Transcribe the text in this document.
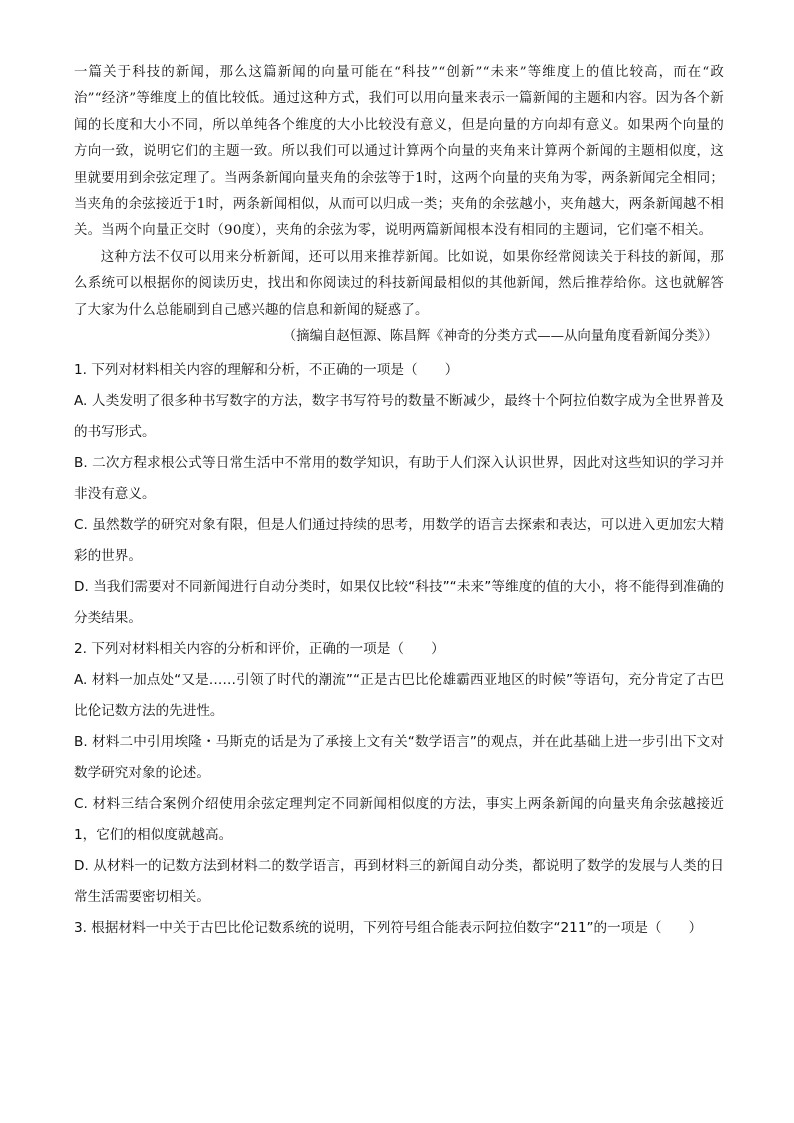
一篇关于科技的新闻，那么这篇新闻的向量可能在“科技”“创新”“未来”等维度上的值比较高，而在“政治”“经济”等维度上的值比较低。通过这种方式，我们可以用向量来表示一篇新闻的主题和内容。因为各个新闻的长度和大小不同，所以单纯各个维度的大小比较没有意义，但是向量的方向却有意义。如果两个向量的方向一致，说明它们的主题一致。所以我们可以通过计算两个向量的夹角来计算两个新闻的主题相似度，这里就要用到余弦定理了。当两条新闻向量夹角的余弦等于1时，这两个向量的夹角为零，两条新闻完全相同；当夹角的余弦接近于1时，两条新闻相似，从而可以归成一类；夹角的余弦越小，夹角越大，两条新闻越不相关。当两个向量正交时（90度），夹角的余弦为零，说明两篇新闻根本没有相同的主题词，它们毫不相关。

这种方法不仅可以用来分析新闻，还可以用来推荐新闻。比如说，如果你经常阅读关于科技的新闻，那么系统可以根据你的阅读历史，找出和你阅读过的科技新闻最相似的其他新闻，然后推荐给你。这也就解答了大家为什么总能刷到自己感兴趣的信息和新闻的疑惑了。

（摘编自赵恒源、陈昌辉《神奇的分类方式——从向量角度看新闻分类》）

1. 下列对材料相关内容的理解和分析，不正确的一项是（　　）

A. 人类发明了很多种书写数字的方法，数字书写符号的数量不断减少，最终十个阿拉伯数字成为全世界普及的书写形式。

B. 二次方程求根公式等日常生活中不常用的数学知识，有助于人们深入认识世界，因此对这些知识的学习并非没有意义。

C. 虽然数学的研究对象有限，但是人们通过持续的思考，用数学的语言去探索和表达，可以进入更加宏大精彩的世界。

D. 当我们需要对不同新闻进行自动分类时，如果仅比较“科技”“未来”等维度的值的大小，将不能得到准确的分类结果。

2. 下列对材料相关内容的分析和评价，正确的一项是（　　）

A. 材料一加点处“又是……引领了时代的潮流”“正是古巴比伦雄霸西亚地区的时候”等语句，充分肯定了古巴比伦记数方法的先进性。

B. 材料二中引用埃隆・马斯克的话是为了承接上文有关“数学语言”的观点，并在此基础上进一步引出下文对数学研究对象的论述。

C. 材料三结合案例介绍使用余弦定理判定不同新闻相似度的方法，事实上两条新闻的向量夹角余弦越接近1，它们的相似度就越高。

D. 从材料一的记数方法到材料二的数学语言，再到材料三的新闻自动分类，都说明了数学的发展与人类的日常生活需要密切相关。

3. 根据材料一中关于古巴比伦记数系统的说明，下列符号组合能表示阿拉伯数字“211”的一项是（　　）
